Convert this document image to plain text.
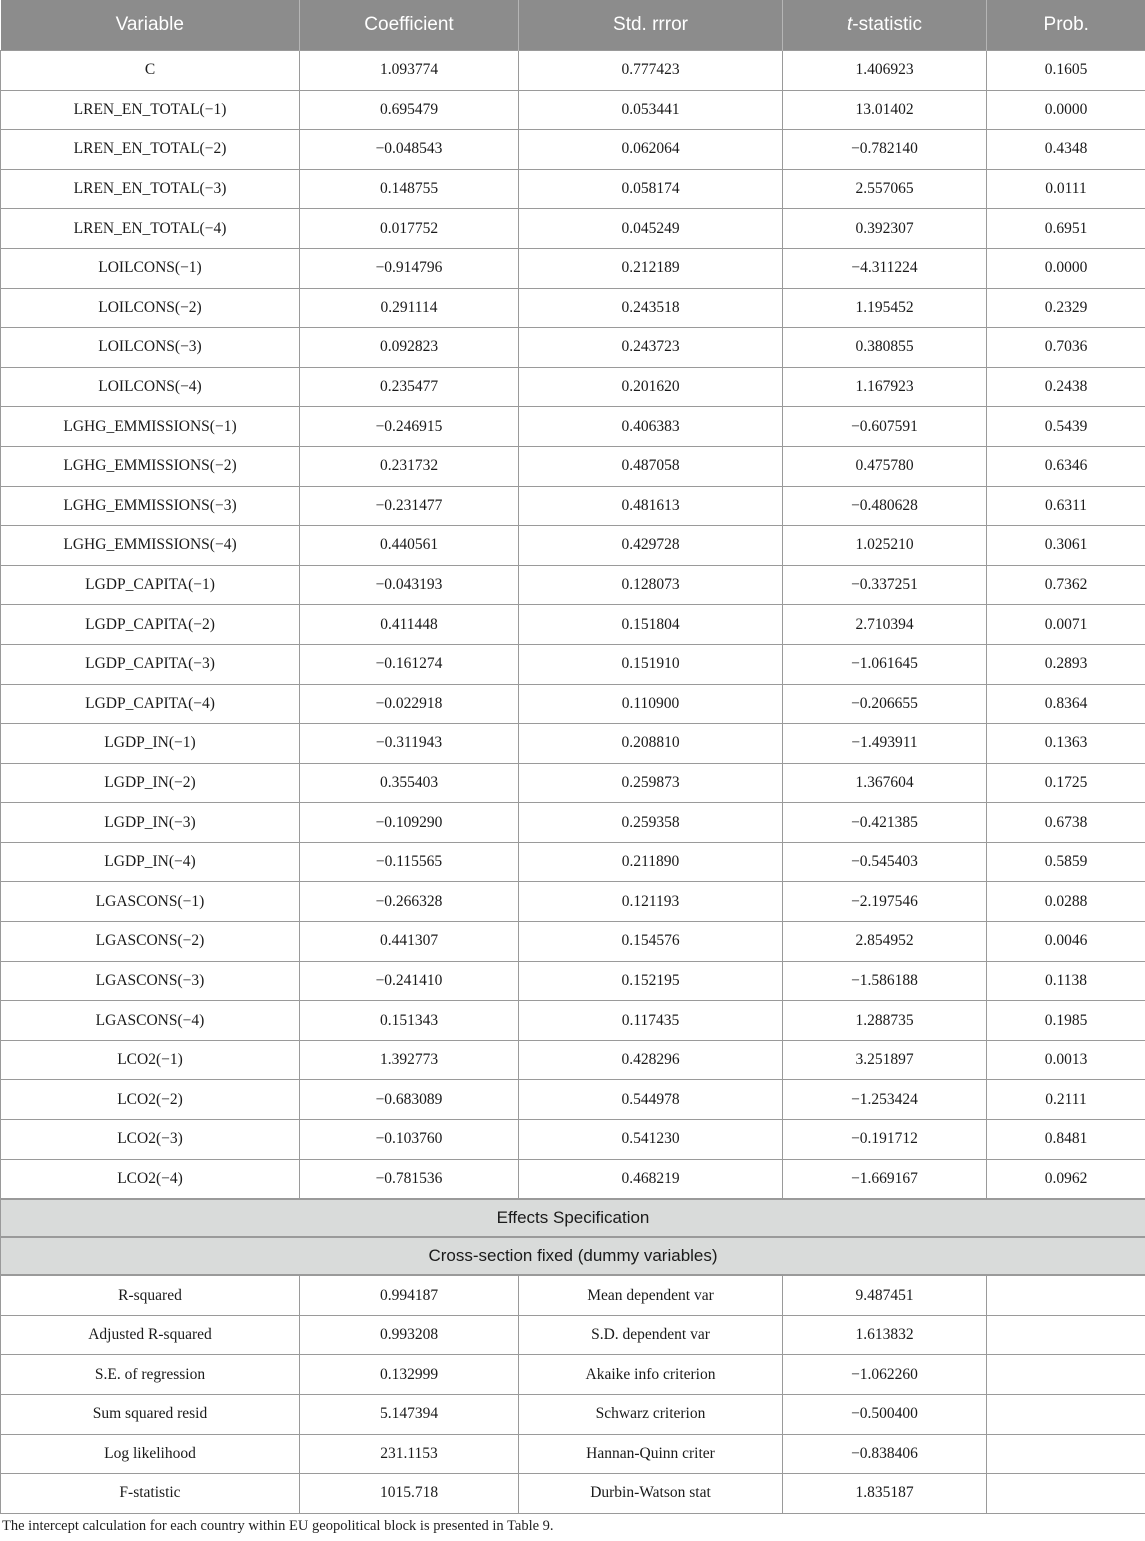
Variable	Coefficient	Std. rrror	t-statistic	Prob.
C	1.093774	0.777423	1.406923	0.1605
LREN_EN_TOTAL(−1)	0.695479	0.053441	13.01402	0.0000
LREN_EN_TOTAL(−2)	−0.048543	0.062064	−0.782140	0.4348
LREN_EN_TOTAL(−3)	0.148755	0.058174	2.557065	0.0111
LREN_EN_TOTAL(−4)	0.017752	0.045249	0.392307	0.6951
LOILCONS(−1)	−0.914796	0.212189	−4.311224	0.0000
LOILCONS(−2)	0.291114	0.243518	1.195452	0.2329
LOILCONS(−3)	0.092823	0.243723	0.380855	0.7036
LOILCONS(−4)	0.235477	0.201620	1.167923	0.2438
LGHG_EMMISSIONS(−1)	−0.246915	0.406383	−0.607591	0.5439
LGHG_EMMISSIONS(−2)	0.231732	0.487058	0.475780	0.6346
LGHG_EMMISSIONS(−3)	−0.231477	0.481613	−0.480628	0.6311
LGHG_EMMISSIONS(−4)	0.440561	0.429728	1.025210	0.3061
LGDP_CAPITA(−1)	−0.043193	0.128073	−0.337251	0.7362
LGDP_CAPITA(−2)	0.411448	0.151804	2.710394	0.0071
LGDP_CAPITA(−3)	−0.161274	0.151910	−1.061645	0.2893
LGDP_CAPITA(−4)	−0.022918	0.110900	−0.206655	0.8364
LGDP_IN(−1)	−0.311943	0.208810	−1.493911	0.1363
LGDP_IN(−2)	0.355403	0.259873	1.367604	0.1725
LGDP_IN(−3)	−0.109290	0.259358	−0.421385	0.6738
LGDP_IN(−4)	−0.115565	0.211890	−0.545403	0.5859
LGASCONS(−1)	−0.266328	0.121193	−2.197546	0.0288
LGASCONS(−2)	0.441307	0.154576	2.854952	0.0046
LGASCONS(−3)	−0.241410	0.152195	−1.586188	0.1138
LGASCONS(−4)	0.151343	0.117435	1.288735	0.1985
LCO2(−1)	1.392773	0.428296	3.251897	0.0013
LCO2(−2)	−0.683089	0.544978	−1.253424	0.2111
LCO2(−3)	−0.103760	0.541230	−0.191712	0.8481
LCO2(−4)	−0.781536	0.468219	−1.669167	0.0962
Effects Specification				
Cross-section fixed (dummy variables)				
R-squared	0.994187	Mean dependent var	9.487451	
Adjusted R-squared	0.993208	S.D. dependent var	1.613832	
S.E. of regression	0.132999	Akaike info criterion	−1.062260	
Sum squared resid	5.147394	Schwarz criterion	−0.500400	
Log likelihood	231.1153	Hannan-Quinn criter	−0.838406	
F-statistic	1015.718	Durbin-Watson stat	1.835187	

The intercept calculation for each country within EU geopolitical block is presented in Table 9.
